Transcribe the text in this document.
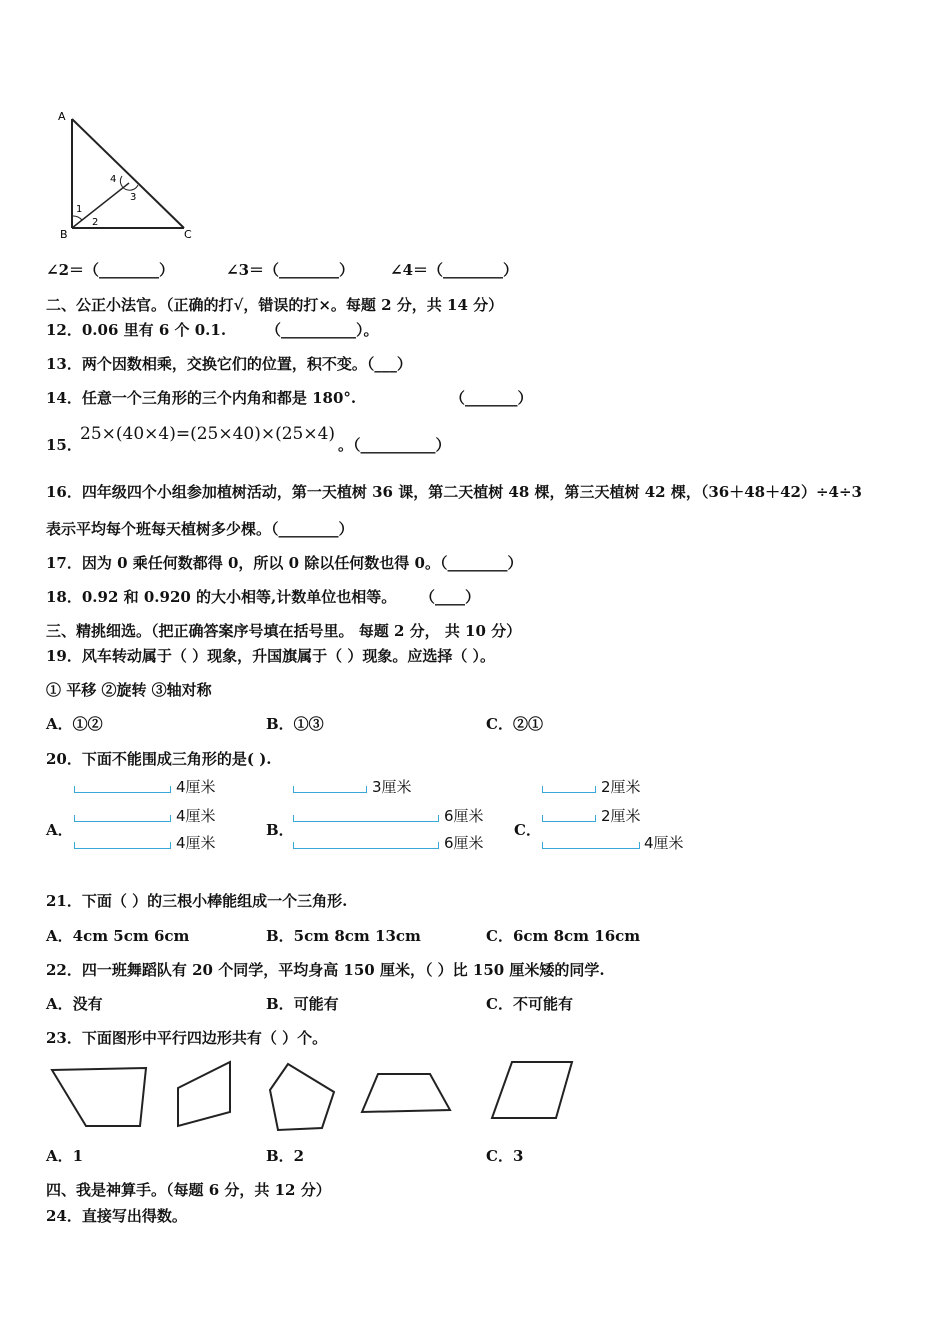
A
B	C
1
2
3
4
∠2＝（________）	∠3＝（________） ∠4＝（________）
二、公正小法官。（正确的打√，错误的打×。每题 2 分，共 14 分）
12．0.06 里有 6 个 0.1.	（__________）。
13．两个因数相乘，交换它们的位置，积不变。（___）
14．任意一个三角形的三个内角和都是 180°.	（_______）
15．
25×(40×4)=(25×40)×(25×4)
。（__________）
16．四年级四个小组参加植树活动，第一天植树 36 课，第二天植树 48 棵，第三天植树 42 棵，（36＋48＋42）÷4÷3
表示平均每个班每天植树多少棵。（________）
17．因为 0 乘任何数都得 0，所以 0 除以任何数也得 0。（________）
18．0.92 和 0.920 的大小相等,计数单位也相等。 （____）
三、精挑细选。（把正确答案序号填在括号里。 每题 2 分， 共 10 分）
19．风车转动属于（ ）现象，升国旗属于（ ）现象。应选择（ ）。
① 平移 ②旋转 ③轴对称
A．①②	B．①③	C．②①
20．下面不能围成三角形的是( ).
A．
4厘米
4厘米
4厘米
B．
3厘米
6厘米
6厘米
C．
2厘米
2厘米
4厘米
21．下面（ ）的三根小棒能组成一个三角形.
A．4cm 5cm 6cm	B．5cm 8cm 13cm	C．6cm 8cm 16cm
22．四一班舞蹈队有 20 个同学，平均身高 150 厘米，（ ）比 150 厘米矮的同学.
A．没有	B．可能有	C．不可能有
23．下面图形中平行四边形共有（ ）个。
A．1	B．2	C．3
四、我是神算手。（每题 6 分，共 12 分）
24．直接写出得数。
